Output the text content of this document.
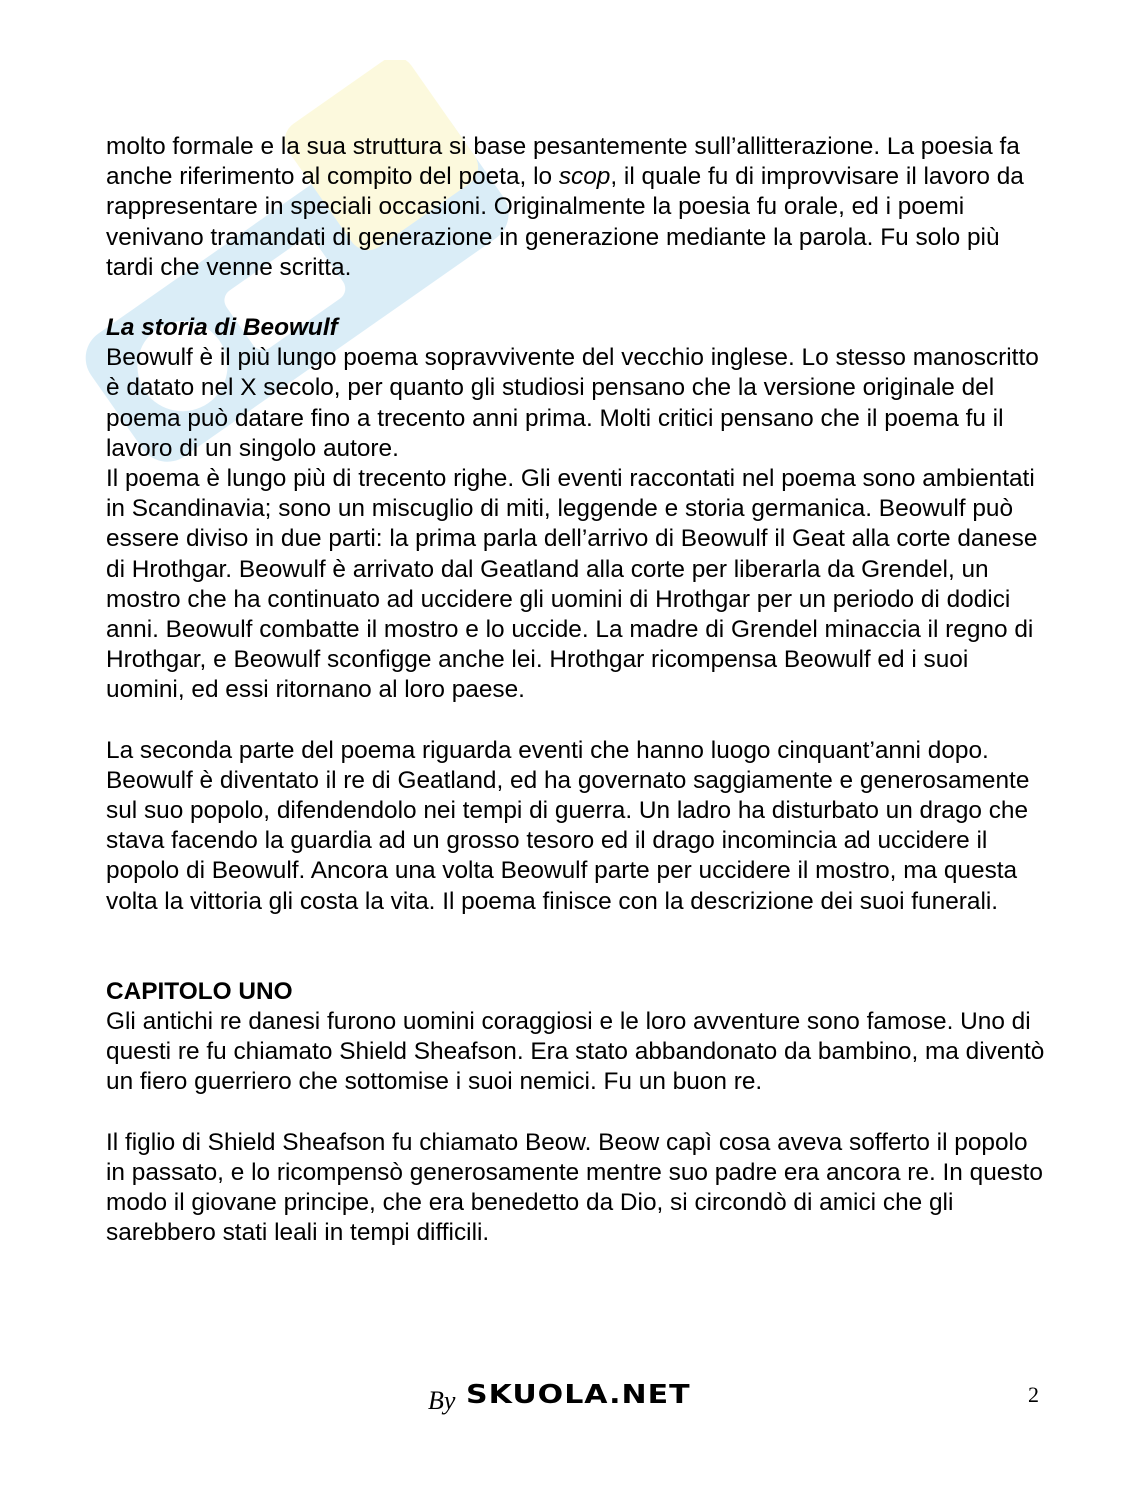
molto formale e la sua struttura si base pesantemente sull’allitterazione. La poesia fa anche riferimento al compito del poeta, lo scop, il quale fu di improvvisare il lavoro da rappresentare in speciali occasioni. Originalmente la poesia fu orale, ed i poemi venivano tramandati di generazione in generazione mediante la parola. Fu solo più tardi che venne scritta.

La storia di Beowulf

Beowulf è il più lungo poema sopravvivente del vecchio inglese. Lo stesso manoscritto è datato nel X secolo, per quanto gli studiosi pensano che la versione originale del poema può datare fino a trecento anni prima. Molti critici pensano che il poema fu il lavoro di un singolo autore.

Il poema è lungo più di trecento righe. Gli eventi raccontati nel poema sono ambientati in Scandinavia; sono un miscuglio di miti, leggende e storia germanica. Beowulf può essere diviso in due parti: la prima parla dell’arrivo di Beowulf il Geat alla corte danese di Hrothgar. Beowulf è arrivato dal Geatland alla corte per liberarla da Grendel, un mostro che ha continuato ad uccidere gli uomini di Hrothgar per un periodo di dodici anni. Beowulf combatte il mostro e lo uccide. La madre di Grendel minaccia il regno di Hrothgar, e Beowulf sconfigge anche lei. Hrothgar ricompensa Beowulf ed i suoi uomini, ed essi ritornano al loro paese.

La seconda parte del poema riguarda eventi che hanno luogo cinquant’anni dopo. Beowulf è diventato il re di Geatland, ed ha governato saggiamente e generosamente sul suo popolo, difendendolo nei tempi di guerra. Un ladro ha disturbato un drago che stava facendo la guardia ad un grosso tesoro ed il drago incomincia ad uccidere il popolo di Beowulf. Ancora una volta Beowulf parte per uccidere il mostro, ma questa volta la vittoria gli costa la vita. Il poema finisce con la descrizione dei suoi funerali.

CAPITOLO UNO

Gli antichi re danesi furono uomini coraggiosi e le loro avventure sono famose. Uno di questi re fu chiamato Shield Sheafson. Era stato abbandonato da bambino, ma diventò un fiero guerriero che sottomise i suoi nemici. Fu un buon re.

Il figlio di Shield Sheafson fu chiamato Beow. Beow capì cosa aveva sofferto il popolo in passato, e lo ricompensò generosamente mentre suo padre era ancora re. In questo modo il giovane principe, che era benedetto da Dio, si circondò di amici che gli sarebbero stati leali in tempi difficili.

By SKUOLA.NET	2
